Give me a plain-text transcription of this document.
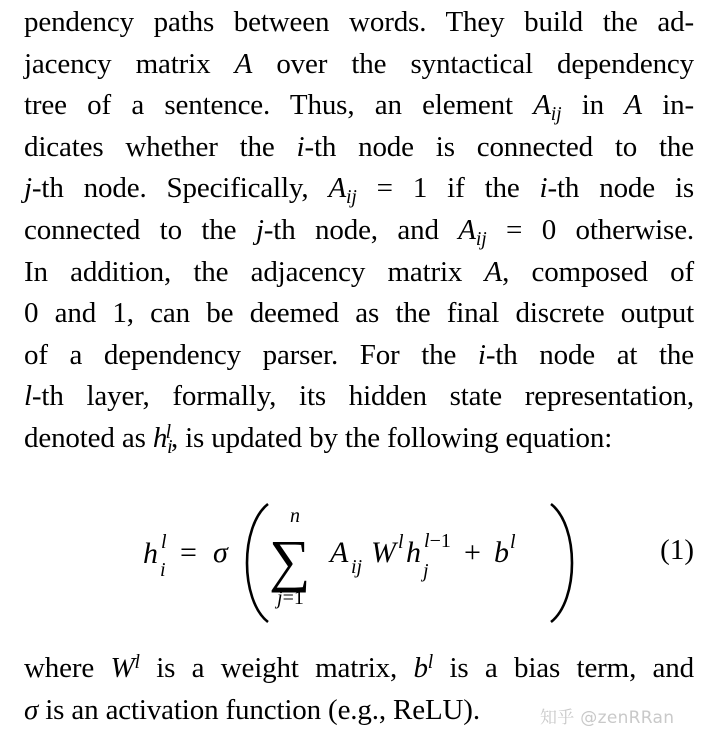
pendency paths between words. They build the ad-
jacency matrix A over the syntactical dependency
tree of a sentence. Thus, an element $A_{ij}$ in A in-
dicates whether the i-th node is connected to the
j-th node. Specifically, $A_{ij} = 1$ if the i-th node is
connected to the j-th node, and $A_{ij} = 0$ otherwise.
In addition, the adjacency matrix A, composed of
0 and 1, can be deemed as the final discrete output
of a dependency parser. For the i-th node at the
l-th layer, formally, its hidden state representation,
denoted as $h_i^l$, is updated by the following equation:
h i
l = σ
n
∑
j=1
A ij W l h
j
l−1 + b l	(1)
where $W^l$ is a weight matrix, $b^l$ is a bias term, and
σ is an activation function (e.g., ReLU).	知乎 @zenRRan
